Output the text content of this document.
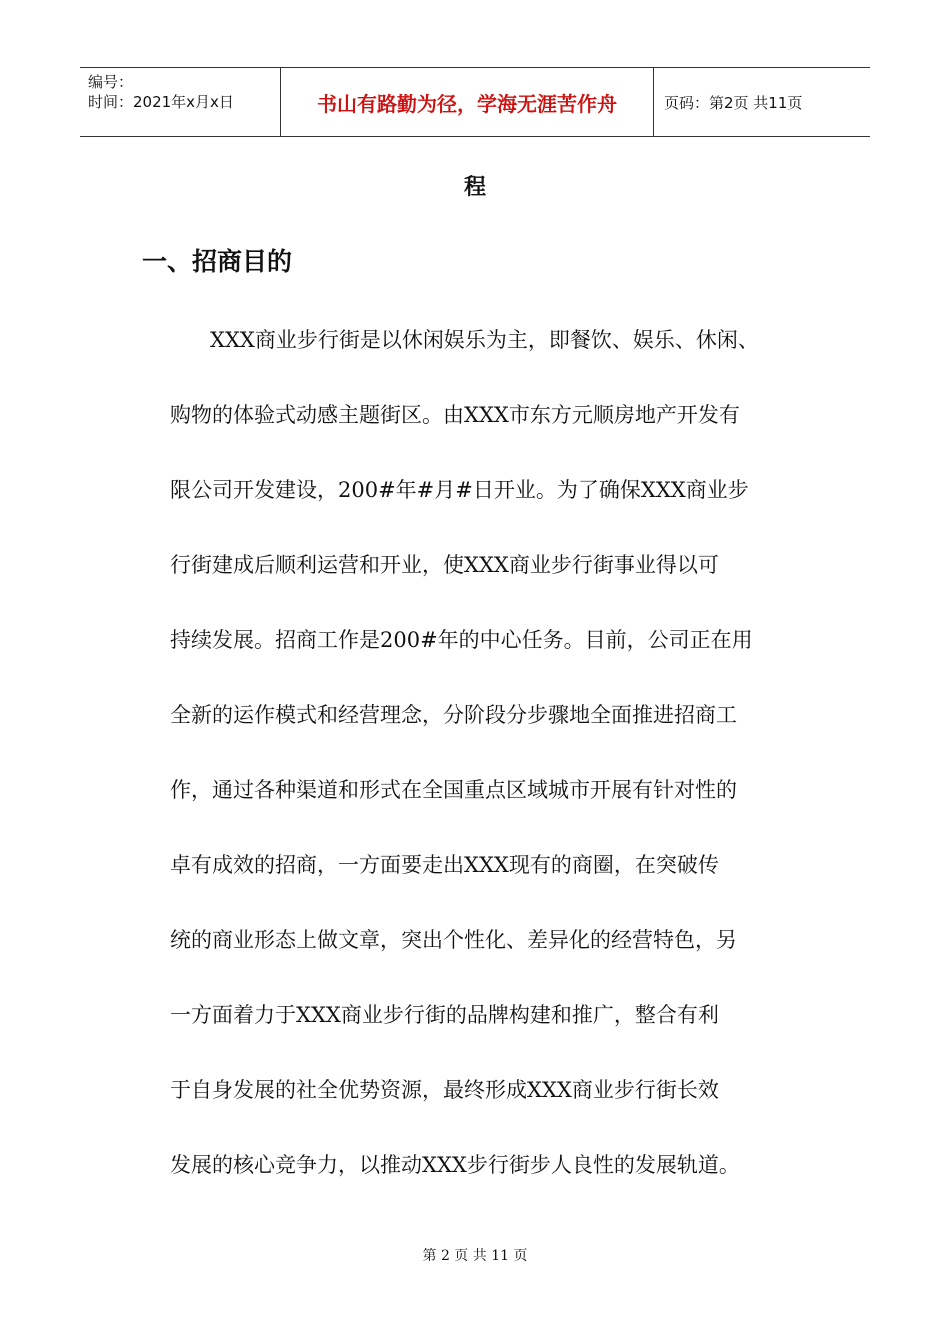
编号：
时间：2021年x月x日	书山有路勤为径，学海无涯苦作舟	页码：第2页 共11页
程
一、招商目的
XXX商业步行街是以休闲娱乐为主，即餐饮、娱乐、休闲、
购物的体验式动感主题街区。由XXX市东方元顺房地产开发有
限公司开发建设，200#年#月#日开业。为了确保XXX商业步
行街建成后顺利运营和开业，使XXX商业步行街事业得以可
持续发展。招商工作是200#年的中心任务。目前，公司正在用
全新的运作模式和经营理念，分阶段分步骤地全面推进招商工
作，通过各种渠道和形式在全国重点区域城市开展有针对性的
卓有成效的招商，一方面要走出XXX现有的商圈，在突破传
统的商业形态上做文章，突出个性化、差异化的经营特色，另
一方面着力于XXX商业步行街的品牌构建和推广，整合有利
于自身发展的社全优势资源，最终形成XXX商业步行街长效
发展的核心竞争力，以推动XXX步行街步人良性的发展轨道。
第 2 页 共 11 页
